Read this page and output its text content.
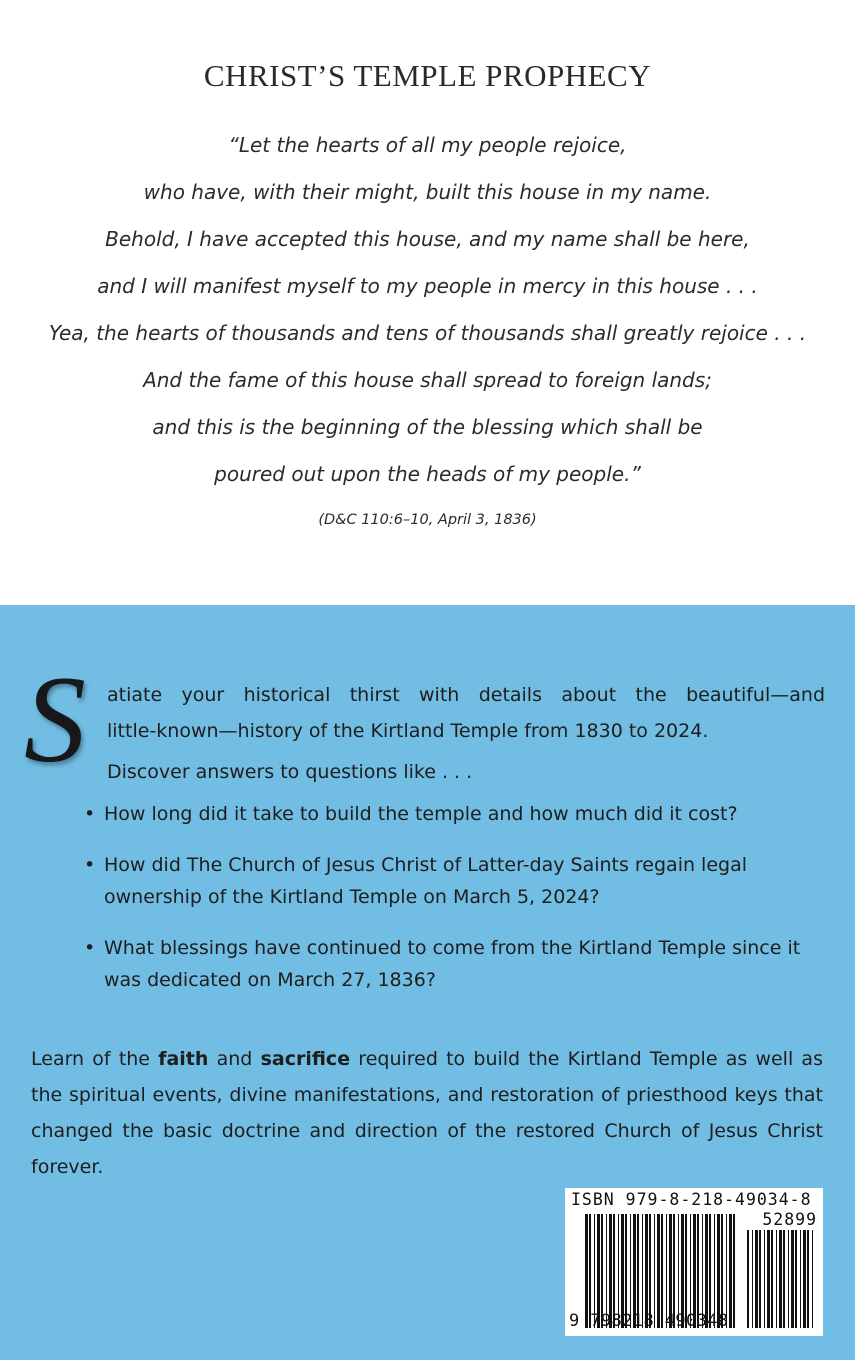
CHRIST’S TEMPLE PROPHECY
“Let the hearts of all my people rejoice,
who have, with their might, built this house in my name.
Behold, I have accepted this house, and my name shall be here,
and I will manifest myself to my people in mercy in this house . . .
Yea, the hearts of thousands and tens of thousands shall greatly rejoice . . .
And the fame of this house shall spread to foreign lands;
and this is the beginning of the blessing which shall be
poured out upon the heads of my people.”
(D&C 110:6–10, April 3, 1836)
S atiate your historical thirst with details about the beautiful—and
little-known—history of the Kirtland Temple from 1830 to 2024.
Discover answers to questions like . . .
• How long did it take to build the temple and how much did it cost?
• How did The Church of Jesus Christ of Latter-day Saints regain legal ownership of the Kirtland Temple on March 5, 2024?
• What blessings have continued to come from the Kirtland Temple since it was dedicated on March 27, 1836?
Learn of the faith and sacrifice required to build the Kirtland Temple as well as the spiritual events, divine manifestations, and restoration of priesthood keys that changed the basic doctrine and direction of the restored Church of Jesus Christ forever.
ISBN 979-8-218-49034-8
52899
9 798218 490348
